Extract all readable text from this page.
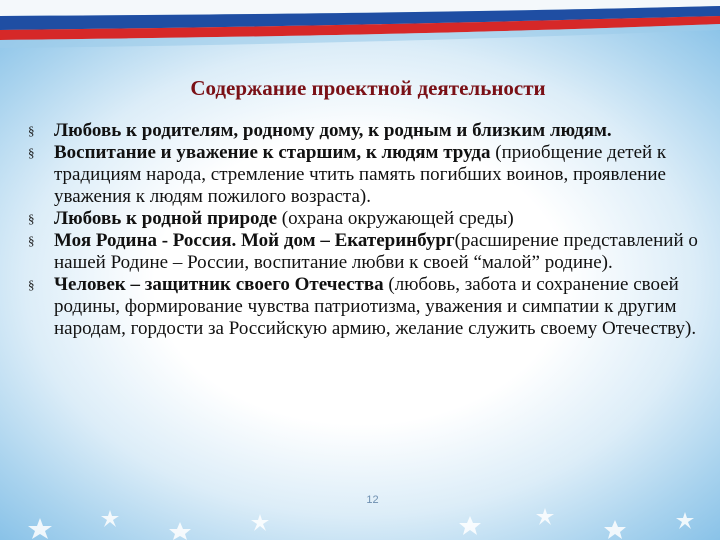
Содержание проектной деятельности
§ Любовь к родителям, родному дому, к родным и близким людям.
§ Воспитание и уважение к старшим, к людям труда (приобщение детей к традициям народа, стремление чтить память погибших воинов, проявление уважения к людям пожилого возраста).
§ Любовь к родной природе (охрана окружающей среды)
§ Моя Родина - Россия. Мой дом – Екатеринбург(расширение представлений о нашей Родине – России, воспитание любви к своей “малой” родине).
§ Человек – защитник своего Отечества (любовь, забота и сохранение своей родины, формирование чувства патриотизма, уважения и симпатии к другим народам, гордости за Российскую армию, желание служить своему Отечеству).
12
